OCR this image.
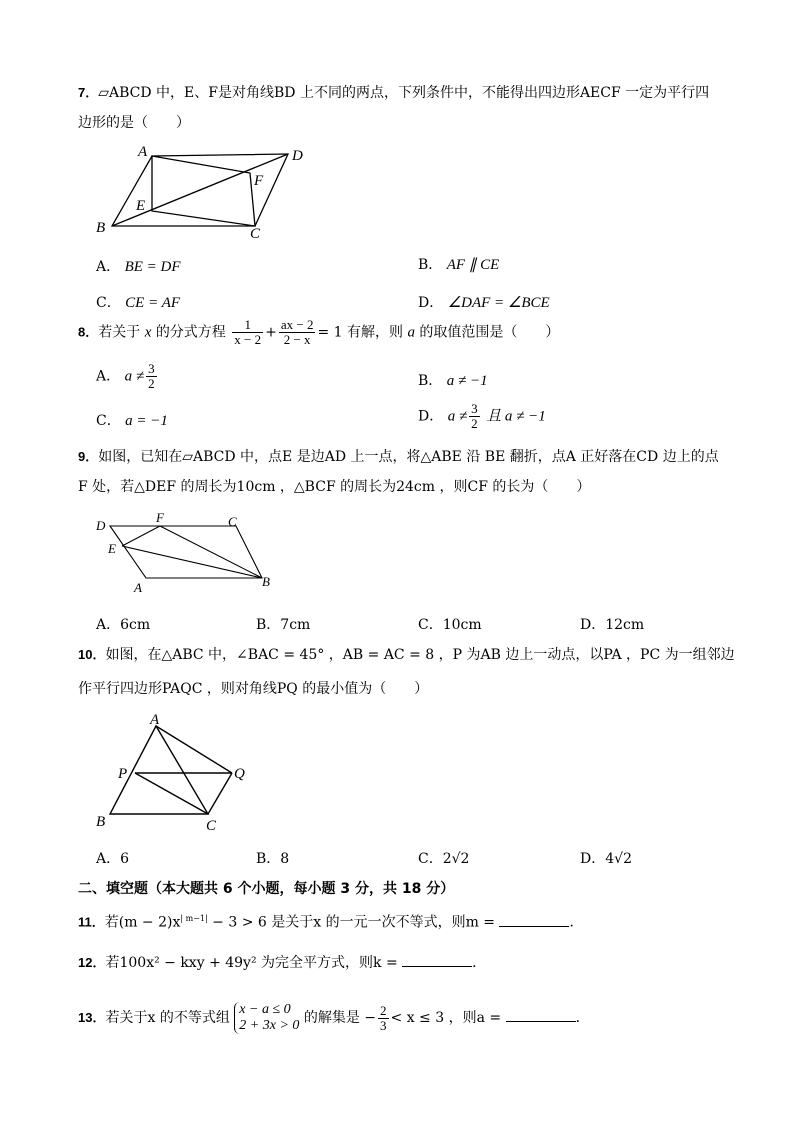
7．▱ABCD 中，E、F是对角线BD 上不同的两点，下列条件中，不能得出四边形AECF 一定为平行四
边形的是（　　）
A	D
F
E
B	C
A． BE = DF	B． AF ∥ CE
C． CE = AF	D． ∠DAF = ∠BCE
8．若关于 x 的分式方程 $\frac{1}{x - 2} + \frac{ax - 2}{2 - x} = 1$ 有解，则 a 的取值范围是（　　）
A． $a \ne \frac{3}{2}$	B． a ≠ −1
C． a = −1	D． $a \ne \frac{3}{2}$ 且 a ≠ −1
9．如图，已知在▱ABCD 中，点E 是边AD 上一点，将△ABE 沿 BE 翻折，点A 正好落在CD 边上的点
F 处，若△DEF 的周长为10cm ，△BCF 的周长为24cm ，则CF 的长为（　　）
D
F	C
E
A	B
A．6cm	B．7cm	C．10cm	D．12cm
10．如图，在△ABC 中，∠BAC = 45° ，AB = AC = 8 ，P 为AB 边上一动点，以PA ，PC 为一组邻边
作平行四边形PAQC ，则对角线PQ 的最小值为（　　）
A
P	Q
B	C
A．6	B．8	C．2√2	D．4√2
二、填空题（本大题共 6 个小题，每小题 3 分，共 18 分）
11．若$(m - 2)x^{| m-1|} - 3 > 6$ 是关于x 的一元一次不等式，则m =	．
12．若100x² − kxy + 49y² 为完全平方式，则k =	．
13．若关于x 的不等式组
x − a ≤ 0
2 + 3x > 0 的解集是 − $\frac{2}{3} < x \le 3$ ，则a =	．
